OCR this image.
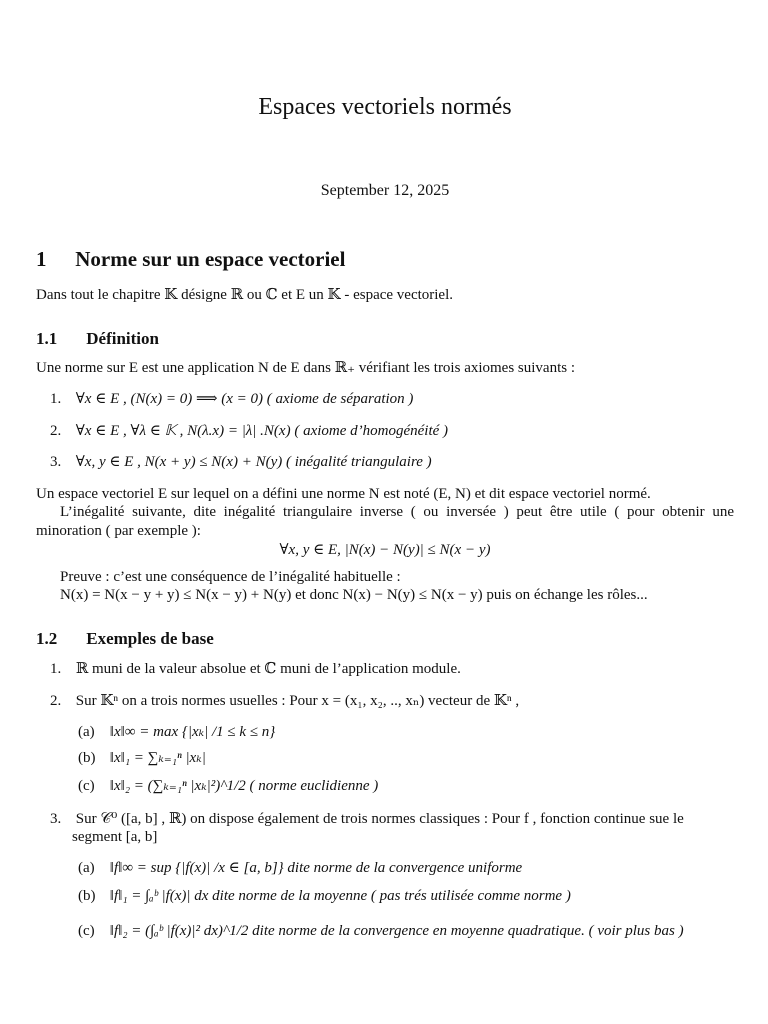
Espaces vectoriels normés
September 12, 2025
1 Norme sur un espace vectoriel
Dans tout le chapitre 𝕂 désigne ℝ ou ℂ et E un 𝕂 - espace vectoriel.
1.1 Définition
Une norme sur E est une application N de E dans ℝ₊ vérifiant les trois axiomes suivants :
1. ∀x ∈ E , (N(x) = 0) ⟹ (x = 0) ( axiome de séparation )
2. ∀x ∈ E , ∀λ ∈ 𝕂 , N(λ.x) = |λ| .N(x) ( axiome d’homogénéité )
3. ∀x, y ∈ E , N(x + y) ≤ N(x) + N(y) ( inégalité triangulaire )
Un espace vectoriel E sur lequel on a défini une norme N est noté (E, N) et dit espace vectoriel normé.
L’inégalité suivante, dite inégalité triangulaire inverse ( ou inversée ) peut être utile ( pour obtenir une minoration ( par exemple ):
∀x, y ∈ E, |N(x) − N(y)| ≤ N(x − y)
Preuve : c’est une conséquence de l’inégalité habituelle :
N(x) = N(x − y + y) ≤ N(x − y) + N(y) et donc N(x) − N(y) ≤ N(x − y) puis on échange les rôles...
1.2 Exemples de base
1. ℝ muni de la valeur absolue et ℂ muni de l’application module.
2. Sur 𝕂ⁿ on a trois normes usuelles : Pour x = (x₁, x₂, .., xₙ) vecteur de 𝕂ⁿ ,
(a) ‖x‖∞ = max {|xₖ| /1 ≤ k ≤ n}
(b) ‖x‖₁ = ∑ₖ₌₁ⁿ |xₖ|
(c) ‖x‖₂ = (∑ₖ₌₁ⁿ |xₖ|²)^1/2 ( norme euclidienne )
3. Sur 𝒞⁰ ([a, b] , ℝ) on dispose également de trois normes classiques : Pour f , fonction continue sue le
segment [a, b]
(a) ‖f‖∞ = sup {|f(x)| /x ∈ [a, b]} dite norme de la convergence uniforme
(b) ‖f‖₁ = ∫ₐᵇ |f(x)| dx dite norme de la moyenne ( pas trés utilisée comme norme )
(c) ‖f‖₂ = (∫ₐᵇ |f(x)|² dx)^1/2 dite norme de la convergence en moyenne quadratique. ( voir plus bas )
